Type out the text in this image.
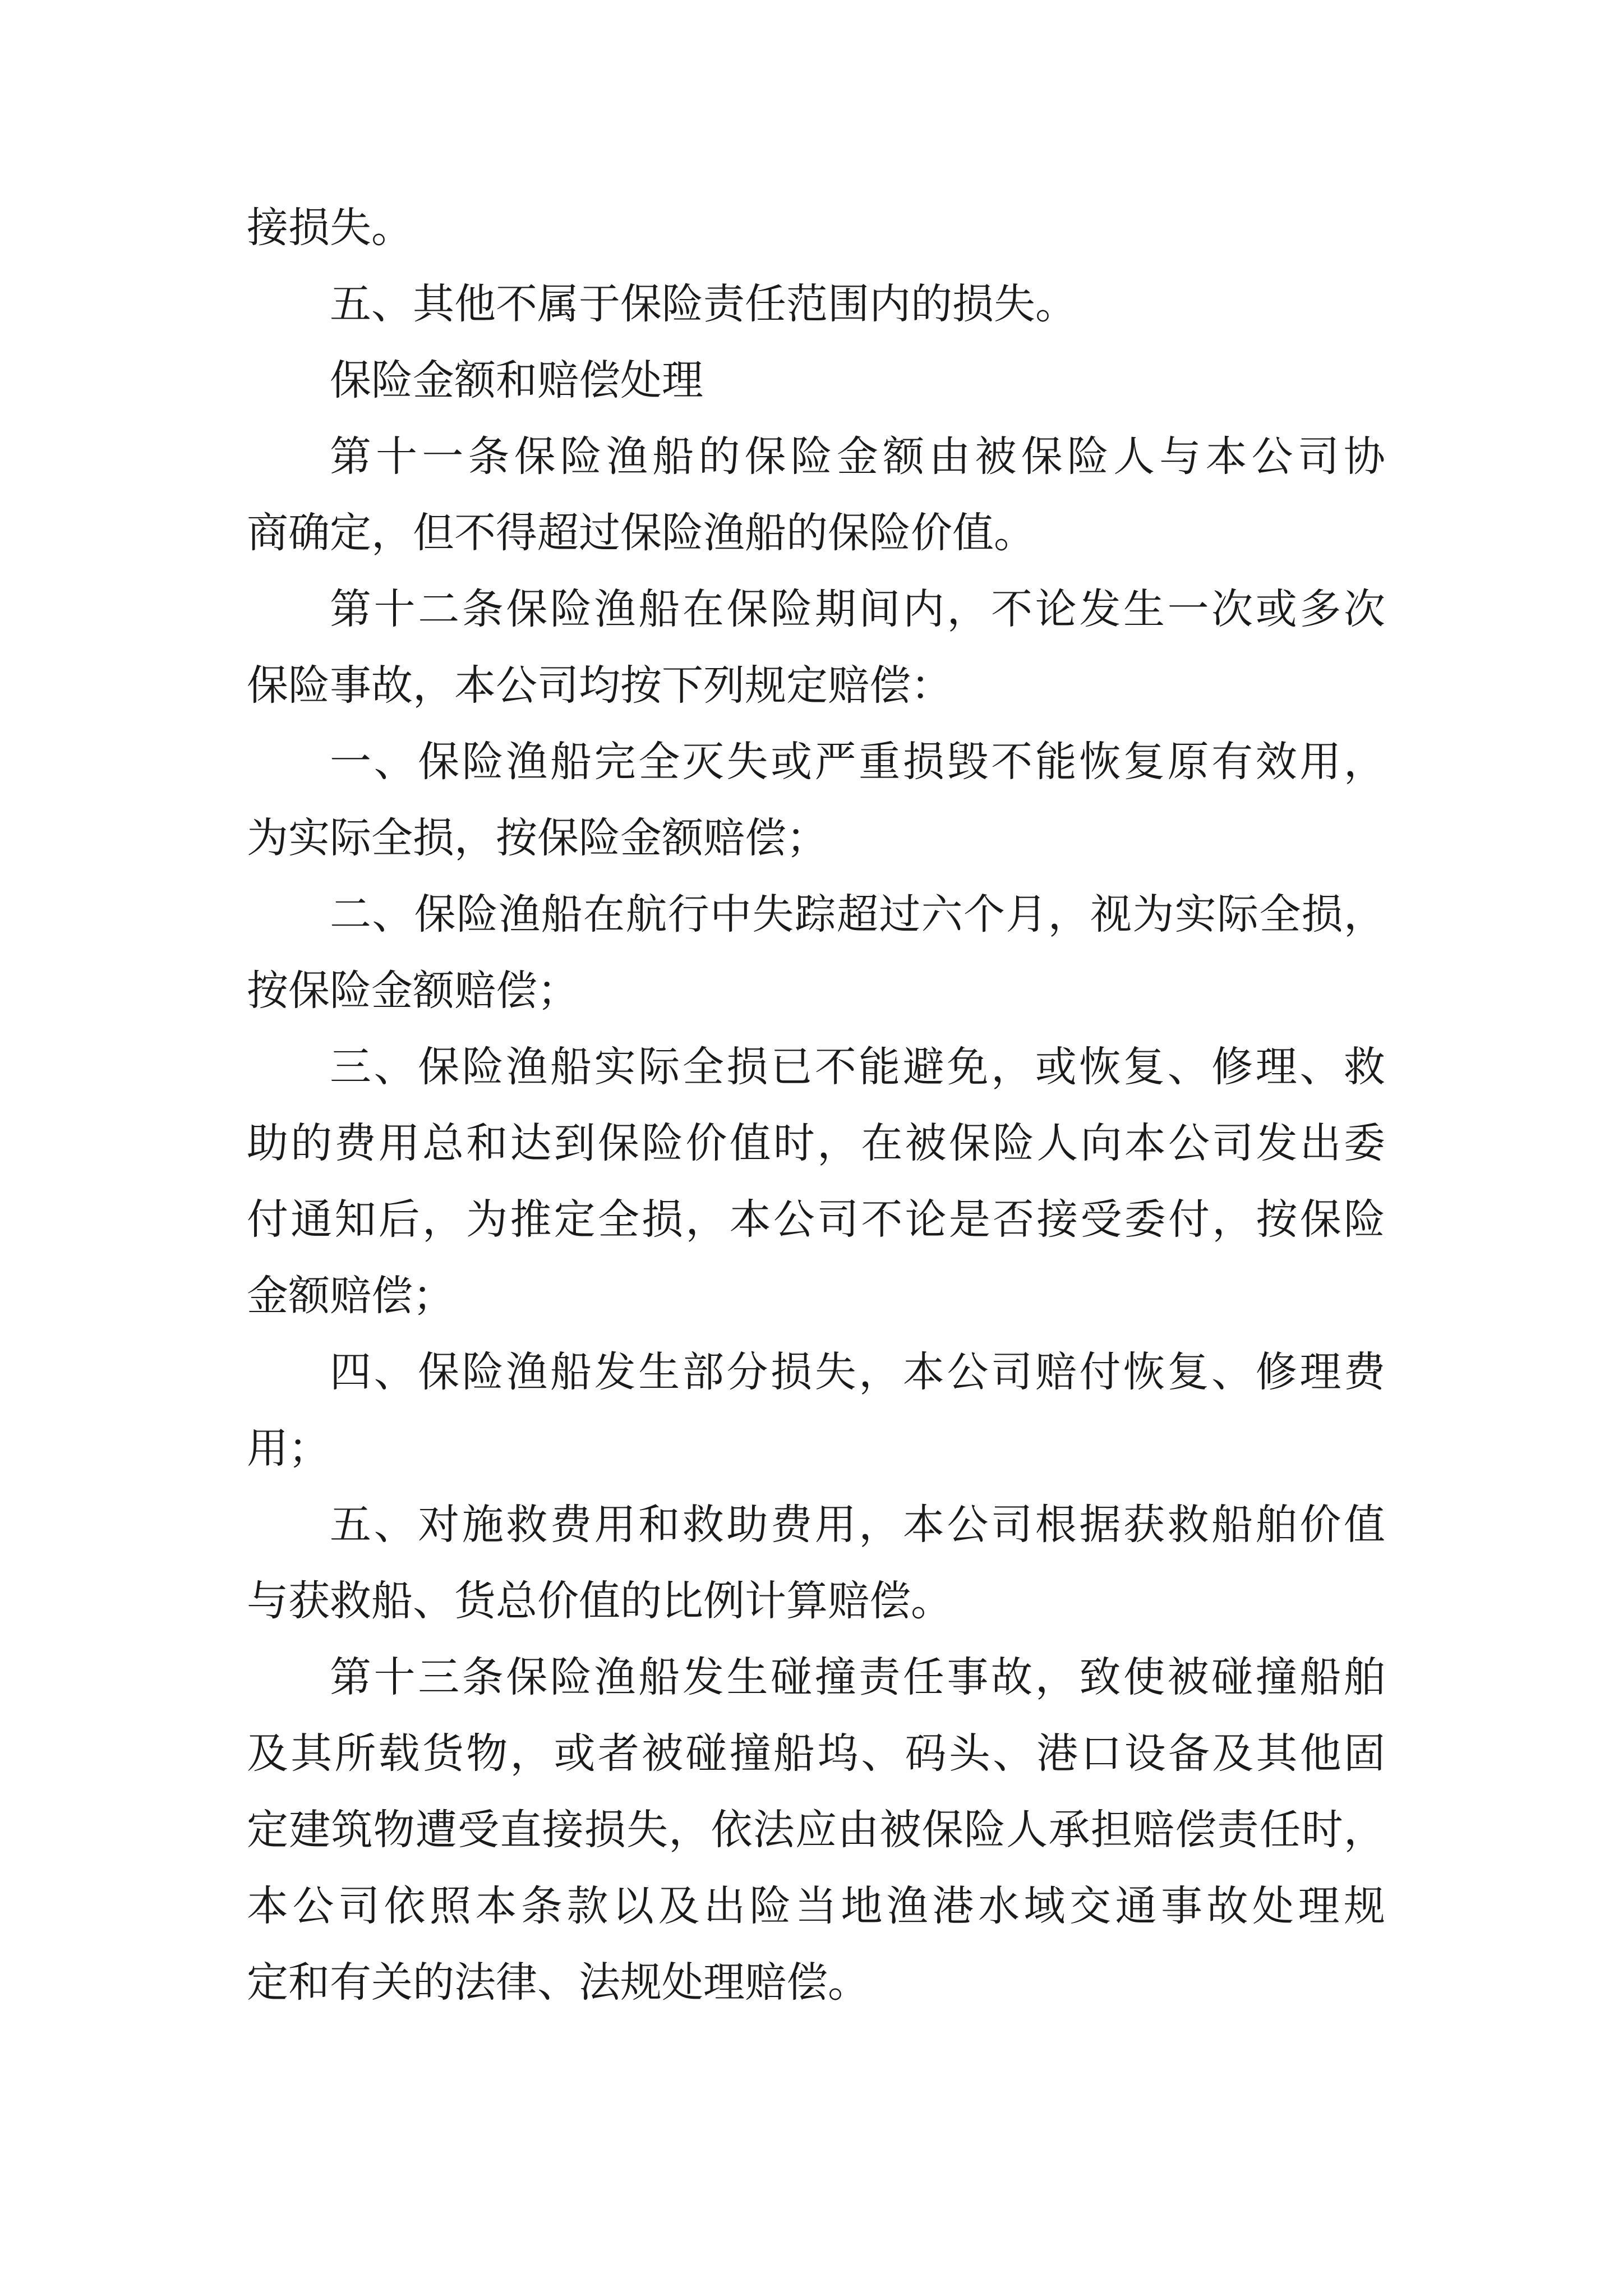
接损失。
五、其他不属于保险责任范围内的损失。
保险金额和赔偿处理
第十一条保险渔船的保险金额由被保险人与本公司协
商确定，但不得超过保险渔船的保险价值。
第十二条保险渔船在保险期间内，不论发生一次或多次
保险事故，本公司均按下列规定赔偿：
一、保险渔船完全灭失或严重损毁不能恢复原有效用，
为实际全损，按保险金额赔偿；
二、保险渔船在航行中失踪超过六个月，视为实际全损，
按保险金额赔偿；
三、保险渔船实际全损已不能避免，或恢复、修理、救
助的费用总和达到保险价值时，在被保险人向本公司发出委
付通知后，为推定全损，本公司不论是否接受委付，按保险
金额赔偿；
四、保险渔船发生部分损失，本公司赔付恢复、修理费
用；
五、对施救费用和救助费用，本公司根据获救船舶价值
与获救船、货总价值的比例计算赔偿。
第十三条保险渔船发生碰撞责任事故，致使被碰撞船舶
及其所载货物，或者被碰撞船坞、码头、港口设备及其他固
定建筑物遭受直接损失，依法应由被保险人承担赔偿责任时，
本公司依照本条款以及出险当地渔港水域交通事故处理规
定和有关的法律、法规处理赔偿。
